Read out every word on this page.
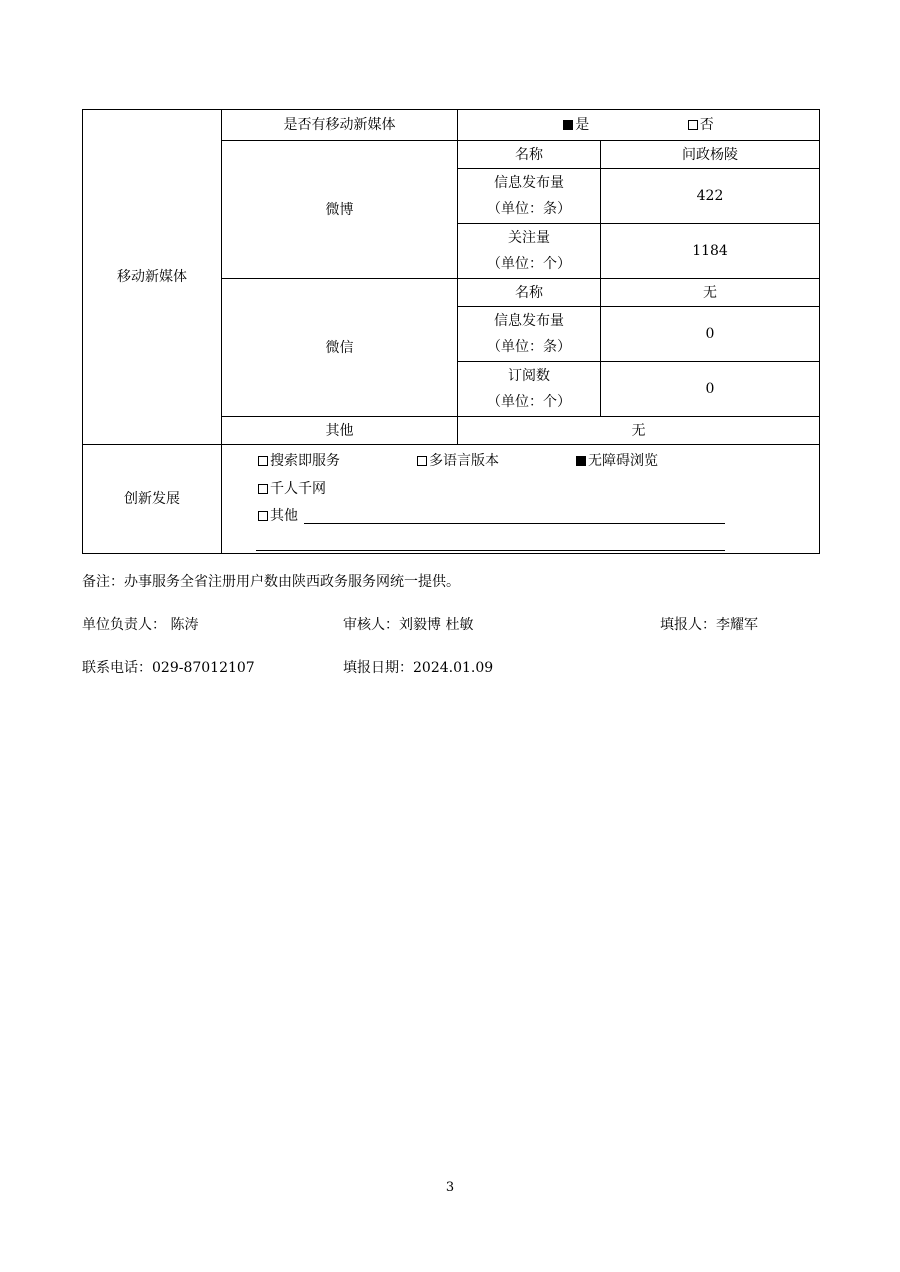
移动新媒体	是否有移动新媒体	是 否	
	微博	名称	问政杨陵

		信息发布量
（单位：条）	422

		关注量
（单位：个）	1184

	微信	名称	无

		信息发布量
（单位：条）	0

		订阅数
（单位：个）	0

	其他	无	
创新发展	搜索即服务 多语言版本 无障碍浏览
千人千网
其他		
备注：办事服务全省注册用户数由陕西政务服务网统一提供。
单位负责人： 陈涛	审核人：刘毅博 杜敏	填报人：李耀军
联系电话：029-87012107	填报日期：2024.01.09
3
